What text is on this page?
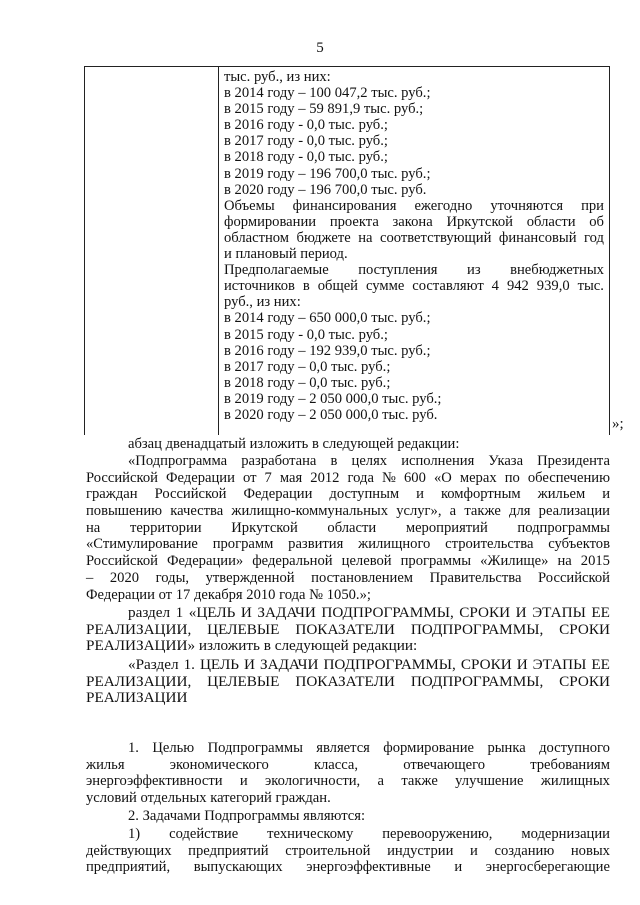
5
тыс. руб., из них:
в 2014 году – 100 047,2 тыс. руб.;
в 2015 году – 59 891,9 тыс. руб.;
в 2016 году - 0,0 тыс. руб.;
в 2017 году - 0,0 тыс. руб.;
в 2018 году - 0,0 тыс. руб.;
в 2019 году – 196 700,0 тыс. руб.;
в 2020 году – 196 700,0 тыс. руб.
Объемы финансирования ежегодно уточняются при
формировании проекта закона Иркутской области об
областном бюджете на соответствующий финансовый год
и плановый период.
Предполагаемые поступления из внебюджетных
источников в общей сумме составляют 4 942 939,0 тыс.
руб., из них:
в 2014 году – 650 000,0 тыс. руб.;
в 2015 году - 0,0 тыс. руб.;
в 2016 году – 192 939,0 тыс. руб.;
в 2017 году – 0,0 тыс. руб.;
в 2018 году – 0,0 тыс. руб.;
в 2019 году – 2 050 000,0 тыс. руб.;
в 2020 году – 2 050 000,0 тыс. руб.
»;
абзац двенадцатый изложить в следующей редакции:
«Подпрограмма разработана в целях исполнения Указа Президента
Российской Федерации от 7 мая 2012 года № 600 «О мерах по обеспечению
граждан Российской Федерации доступным и комфортным жильем и
повышению качества жилищно-коммунальных услуг», а также для реализации
на территории Иркутской области мероприятий подпрограммы
«Стимулирование программ развития жилищного строительства субъектов
Российской Федерации» федеральной целевой программы «Жилище» на 2015
– 2020 годы, утвержденной постановлением Правительства Российской
Федерации от 17 декабря 2010 года № 1050.»;
раздел 1 «ЦЕЛЬ И ЗАДАЧИ ПОДПРОГРАММЫ, СРОКИ И ЭТАПЫ ЕЕ
РЕАЛИЗАЦИИ, ЦЕЛЕВЫЕ ПОКАЗАТЕЛИ ПОДПРОГРАММЫ, СРОКИ
РЕАЛИЗАЦИИ» изложить в следующей редакции:
«Раздел 1. ЦЕЛЬ И ЗАДАЧИ ПОДПРОГРАММЫ, СРОКИ И ЭТАПЫ ЕЕ
РЕАЛИЗАЦИИ, ЦЕЛЕВЫЕ ПОКАЗАТЕЛИ ПОДПРОГРАММЫ, СРОКИ
РЕАЛИЗАЦИИ
1. Целью Подпрограммы является формирование рынка доступного
жилья	экономического	класса,	отвечающего	требованиям
энергоэффективности и экологичности, а также улучшение жилищных
условий отдельных категорий граждан.
2. Задачами Подпрограммы являются:
1) содействие техническому перевооружению, модернизации
действующих предприятий строительной индустрии и созданию новых
предприятий, выпускающих энергоэффективные и энергосберегающие
